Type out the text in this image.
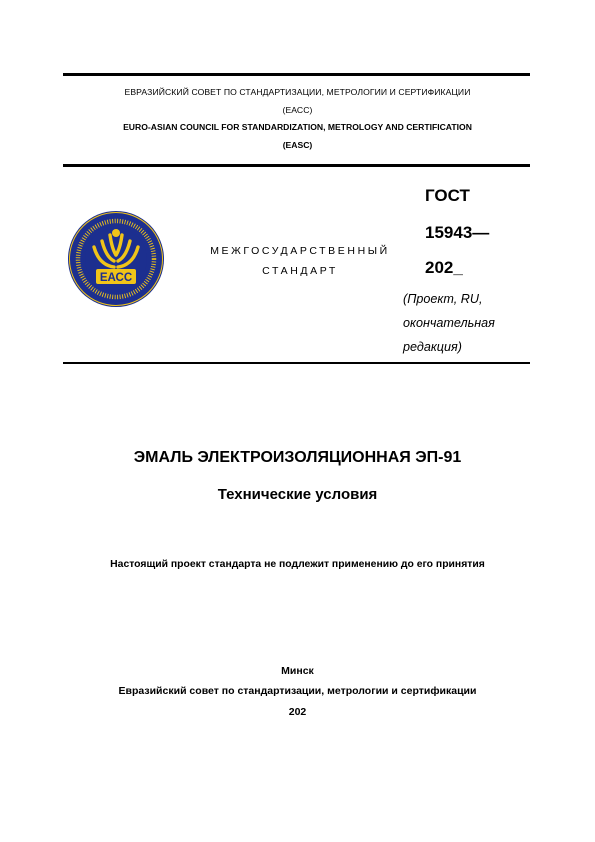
ЕВРАЗИЙСКИЙ СОВЕТ ПО СТАНДАРТИЗАЦИИ, МЕТРОЛОГИИ И СЕРТИФИКАЦИИ
(ЕАСС)
EURO-ASIAN COUNCIL FOR STANDARDIZATION, METROLOGY AND CERTIFICATION
(EASC)
ЕАСС
МЕЖГОСУДАРСТВЕННЫЙ
СТАНДАРТ
ГОСТ
15943—
202_
(Проект, RU,
окончательная
редакция)
ЭМАЛЬ ЭЛЕКТРОИЗОЛЯЦИОННАЯ ЭП-91
Технические условия
Настоящий проект стандарта не подлежит применению до его принятия
Минск
Евразийский совет по стандартизации, метрологии и сертификации
202
